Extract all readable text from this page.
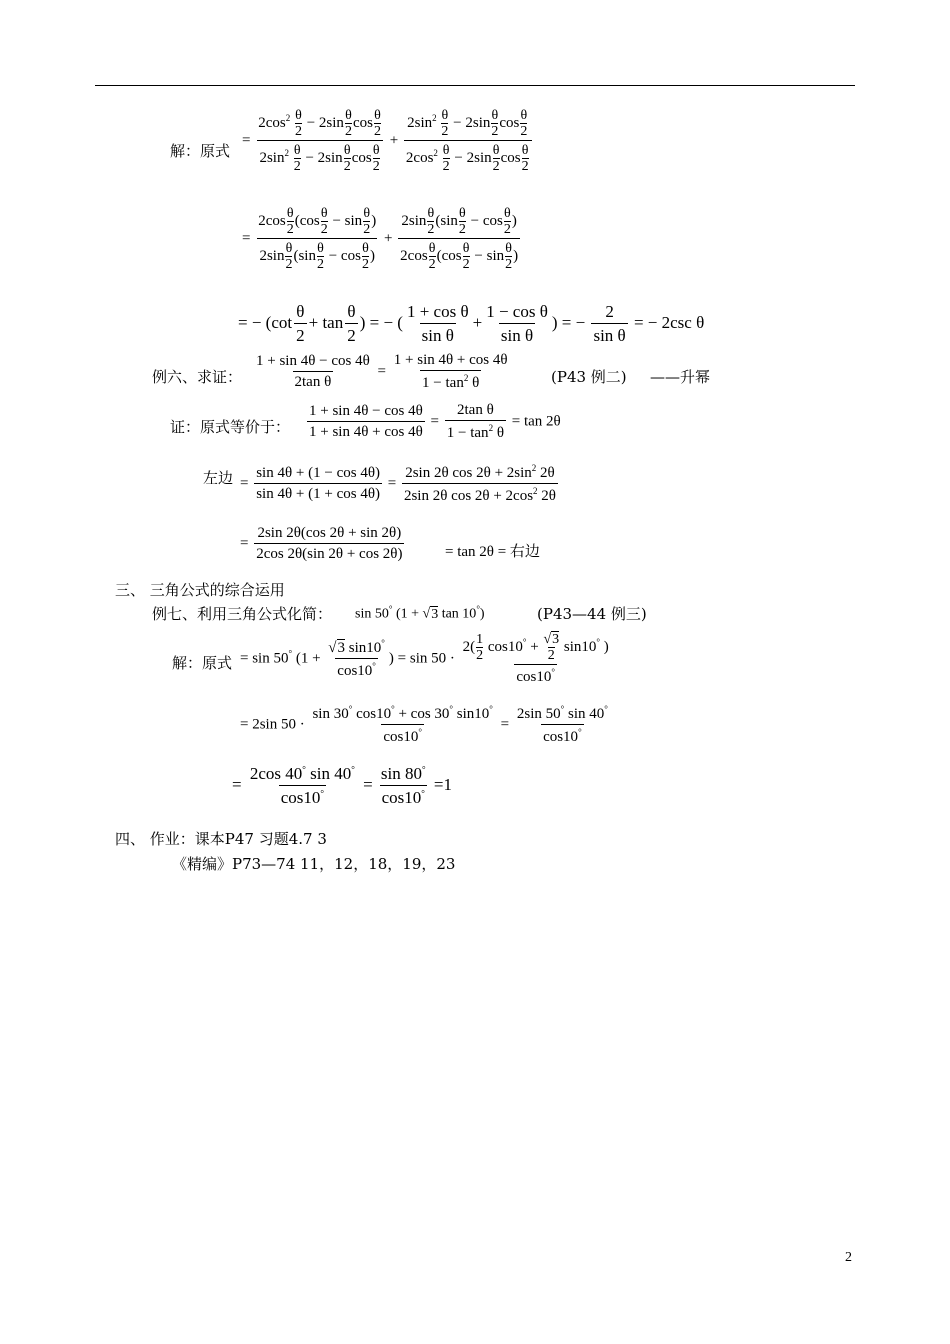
解：原式
= $\frac{2\cos^2 \frac{\theta}{2} - 2\sin \frac{\theta}{2} \cos \frac{\theta}{2}}{2\sin^2 \frac{\theta}{2} - 2\sin \frac{\theta}{2} \cos \frac{\theta}{2}} + \frac{2\sin^2 \frac{\theta}{2} - 2\sin \frac{\theta}{2} \cos \frac{\theta}{2}}{2\cos^2 \frac{\theta}{2} - 2\sin \frac{\theta}{2} \cos \frac{\theta}{2}}$
= $\frac{2\cos \frac{\theta}{2} (\cos \frac{\theta}{2} - \sin \frac{\theta}{2} )}{2\sin \frac{\theta}{2} (\sin \frac{\theta}{2} - \cos \frac{\theta}{2} )} + \frac{2\sin \frac{\theta}{2} (\sin \frac{\theta}{2} - \cos \frac{\theta}{2} )}{2\cos \frac{\theta}{2} (\cos \frac{\theta}{2} - \sin \frac{\theta}{2} )}$
= − ($\cot \frac{\theta}{2} + \tan \frac{\theta}{2}$ ) = − ( $\frac{\text{1 + cos θ}}{\text{sin θ}} + \frac{\text{1 − cos θ}}{\text{sin θ}}$ ) = − $\frac{2}{\text{sin θ}}$ = − 2csc θ
例六、求证： $\frac{1 + \sin 4\theta - \cos 4\theta}{\text{2tan θ}} = \frac{1 + \sin 4\theta + \cos 4\theta}{1 - \tan^2 \theta}$	(P43 例二) ——升幂
证：原式等价于： $\frac{1 + \sin 4\theta - \cos 4\theta}{1 + \sin 4\theta + \cos 4\theta} = \frac{\text{2tan θ}}{1 - \tan^2 \theta} = \tan 2\theta$
左边 = $\frac{\sin 4\theta + (1 - \cos 4\theta)}{\sin 4\theta + (1 + \cos 4\theta)} = \frac{2\sin 2\theta \cos 2\theta + 2\sin^2 2\theta}{2\sin 2\theta \cos 2\theta + 2\cos^2 2\theta}$
= $\frac{2\sin 2\theta(\cos 2\theta + \sin 2\theta)}{2\cos 2\theta(\sin 2\theta + \cos 2\theta)}$	= tan 2θ = 右边
三、 三角公式的综合运用
例七、利用三角公式化简： sin 50° (1 + √3 tan 10°)	(P43—44 例三)
解：原式 = sin 50° ($1 + \frac{√3 \sin 10^\circ}{\cos 10^\circ}$ ) = $\sin 50 \cdot \frac{2( \frac{1}{2} \cos 10^\circ + \frac{√3}{2} \sin 10^\circ )}{\cos 10^\circ}$
= 2sin $50 \cdot \frac{\sin 30^\circ \cos 10^\circ + \cos 30^\circ \sin 10^\circ}{\cos 10^\circ} = \frac{2\sin 50^\circ \sin 40^\circ}{\cos 10^\circ}$
= $\frac{2\cos 40^\circ \sin 40^\circ}{\cos 10^\circ} = \frac{\sin 80^\circ}{\cos 10^\circ} =1$
四、 作业：课本P47 习题4.7 3
《精编》P73—74 11，12，18，19，23
2
